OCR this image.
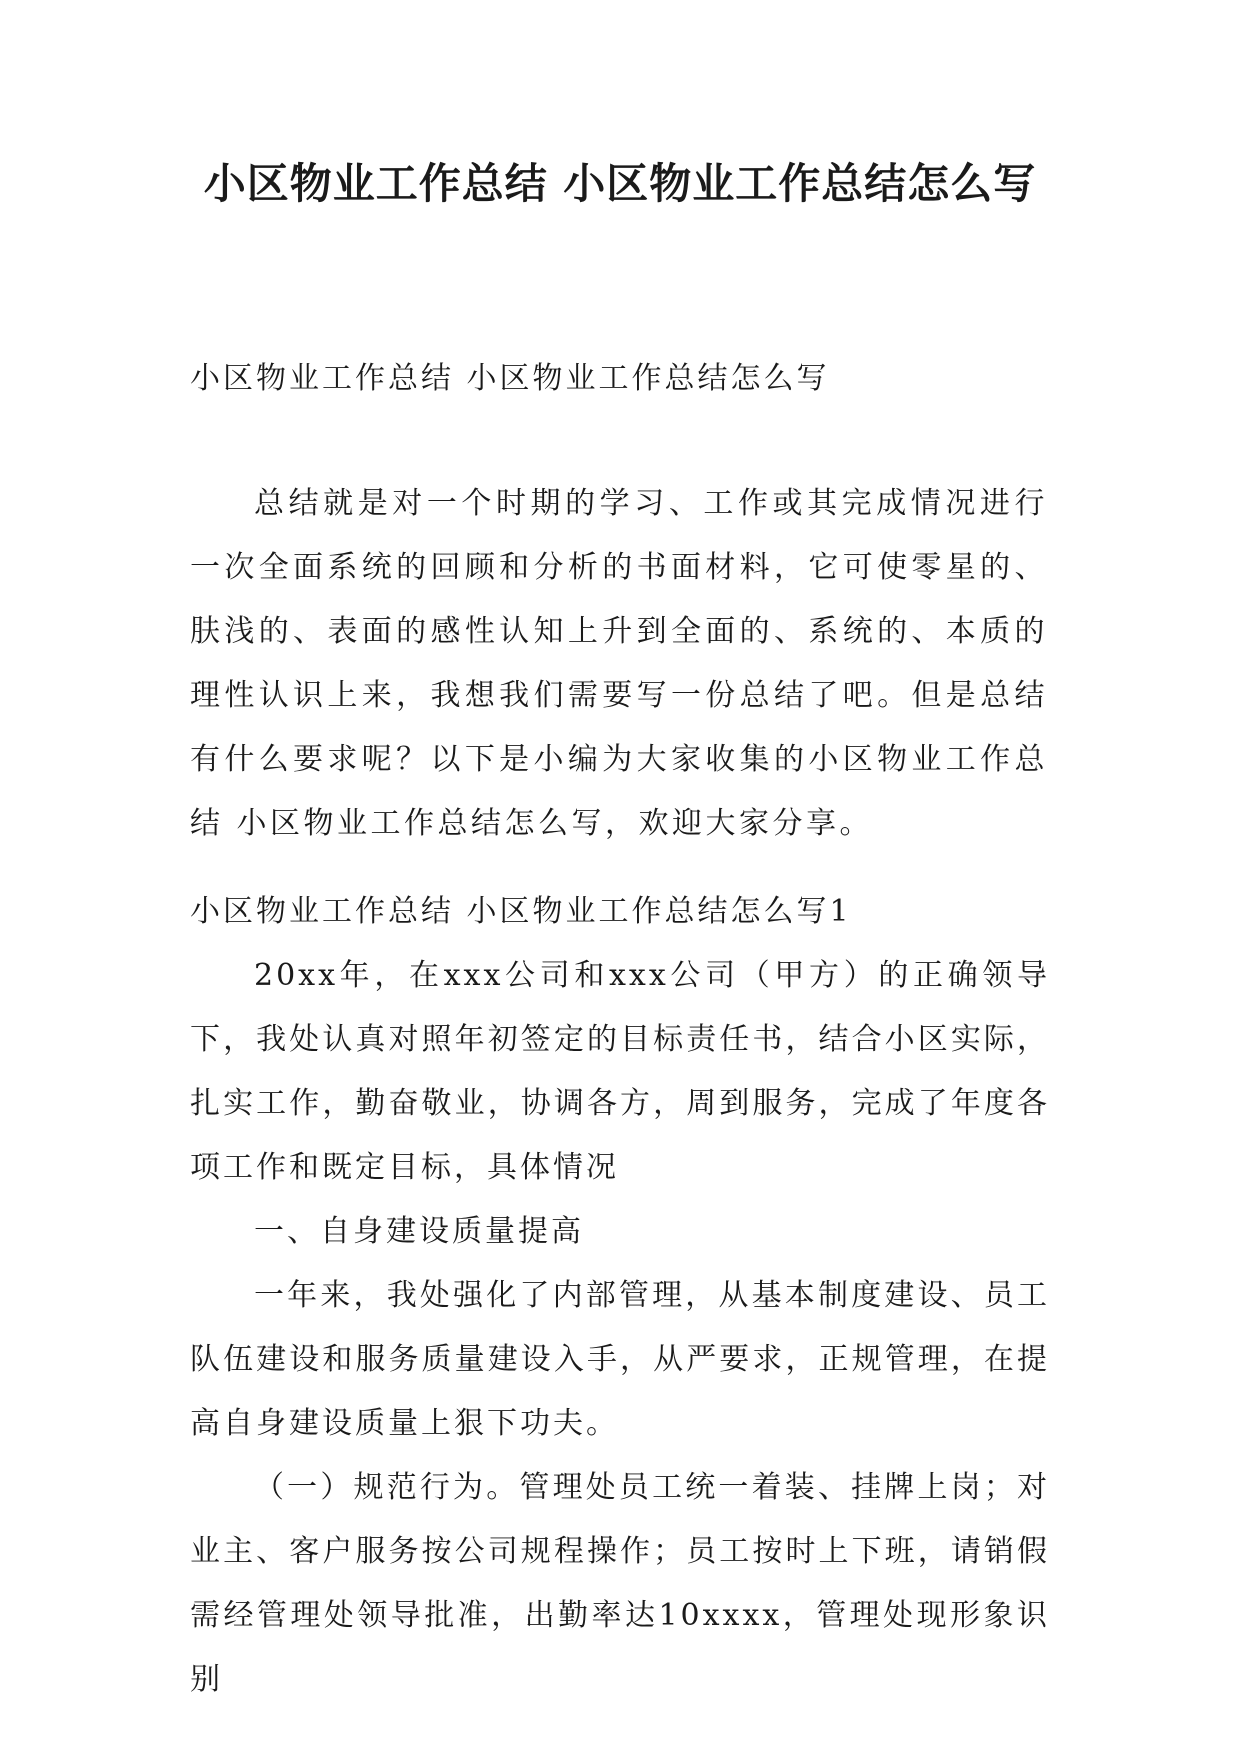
小区物业工作总结 小区物业工作总结怎么写

小区物业工作总结 小区物业工作总结怎么写

总结就是对一个时期的学习、工作或其完成情况进行一次全面系统的回顾和分析的书面材料，它可使零星的、肤浅的、表面的感性认知上升到全面的、系统的、本质的理性认识上来，我想我们需要写一份总结了吧。但是总结有什么要求呢？以下是小编为大家收集的小区物业工作总结 小区物业工作总结怎么写，欢迎大家分享。

小区物业工作总结 小区物业工作总结怎么写1

20xx年，在xxx公司和xxx公司（甲方）的正确领导下，我处认真对照年初签定的目标责任书，结合小区实际，扎实工作，勤奋敬业，协调各方，周到服务，完成了年度各项工作和既定目标，具体情况

一、自身建设质量提高

一年来，我处强化了内部管理，从基本制度建设、员工队伍建设和服务质量建设入手，从严要求，正规管理，在提高自身建设质量上狠下功夫。

（一）规范行为。管理处员工统一着装、挂牌上岗；对业主、客户服务按公司规程操作；员工按时上下班，请销假需经管理处领导批准，出勤率达10xxxx，管理处现形象识别
